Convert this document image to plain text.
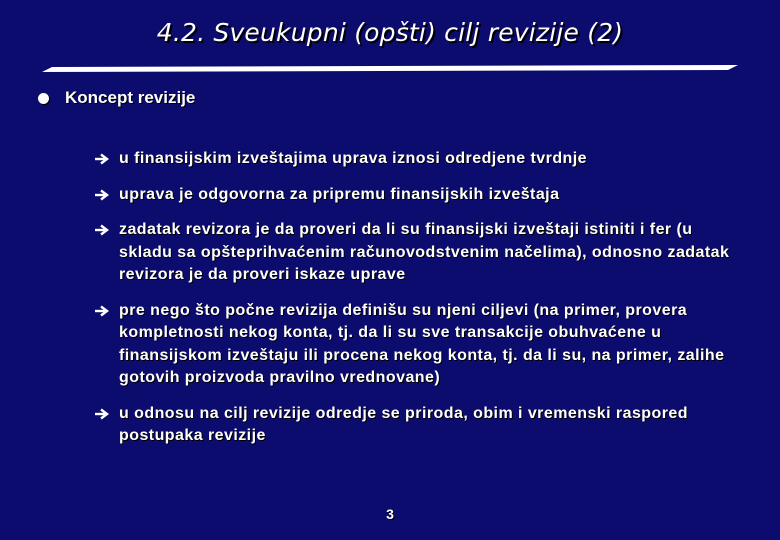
4.2. Sveukupni (opšti) cilj revizije (2)
Koncept revizije
u finansijskim izveštajima uprava iznosi odredjene tvrdnje
uprava je odgovorna za pripremu finansijskih izveštaja
zadatak revizora je da proveri da li su finansijski izveštaji istiniti i fer (u skladu sa opšteprihvaćenim računovodstvenim načelima), odnosno zadatak revizora je da proveri iskaze uprave
pre nego što počne revizija definišu su njeni ciljevi (na primer, provera kompletnosti nekog konta, tj. da li su sve transakcije obuhvaćene u finansijskom izveštaju ili procena nekog konta, tj. da li su, na primer, zalihe gotovih proizvoda pravilno vrednovane)
u odnosu na cilj revizije odredje se priroda, obim i vremenski raspored postupaka revizije
3
